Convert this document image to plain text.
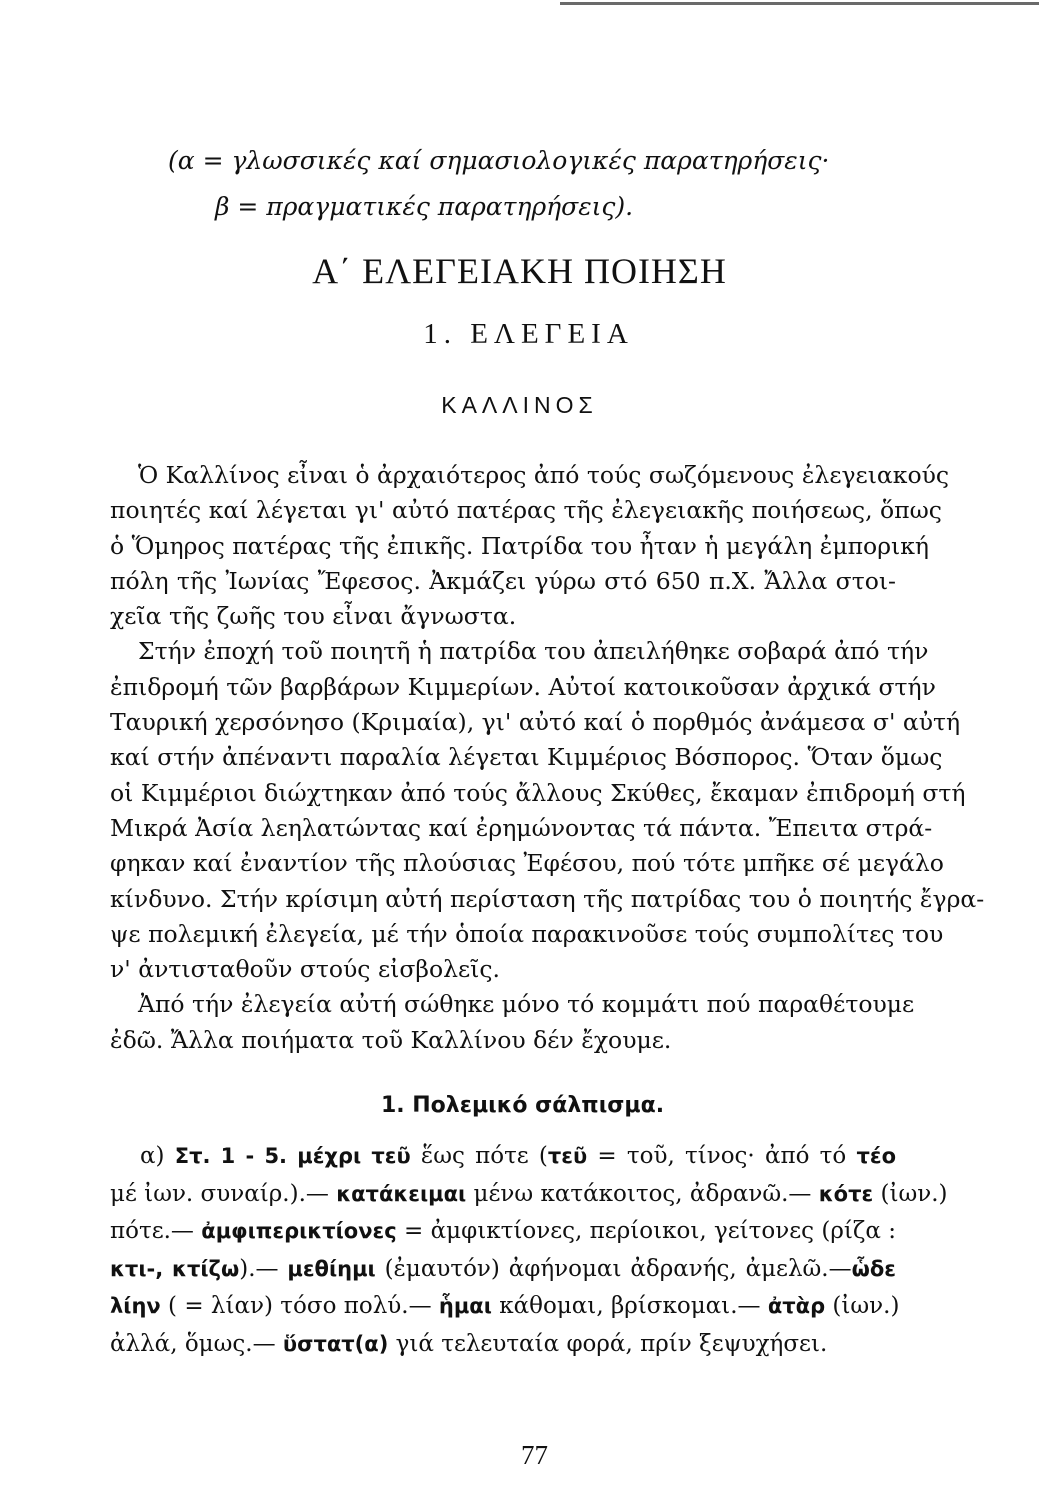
(α = γλωσσικές καί σημασιολογικές παρατηρήσεις·
β = πραγματικές παρατηρήσεις).
Α΄ ΕΛΕΓΕΙΑΚΗ ΠΟΙΗΣΗ
1. ΕΛΕΓΕΙΑ
ΚΑΛΛΙΝΟΣ
Ὁ Καλλίνος εἶναι ὁ ἀρχαιότερος ἀπό τούς σωζόμενους ἐλεγειακούς
ποιητές καί λέγεται γι' αὐτό πατέρας τῆς ἐλεγειακῆς ποιήσεως, ὅπως
ὁ Ὅμηρος πατέρας τῆς ἐπικῆς. Πατρίδα του ἦταν ἡ μεγάλη ἐμπορική
πόλη τῆς Ἰωνίας Ἔφεσος. Ἀκμάζει γύρω στό 650 π.Χ. Ἄλλα στοι-
χεῖα τῆς ζωῆς του εἶναι ἄγνωστα.
Στήν ἐποχή τοῦ ποιητῆ ἡ πατρίδα του ἀπειλήθηκε σοβαρά ἀπό τήν
ἐπιδρομή τῶν βαρβάρων Κιμμερίων. Αὐτοί κατοικοῦσαν ἀρχικά στήν
Ταυρική χερσόνησο (Κριμαία), γι' αὐτό καί ὁ πορθμός ἀνάμεσα σ' αὐτή
καί στήν ἀπέναντι παραλία λέγεται Κιμμέριος Βόσπορος. Ὅταν ὅμως
οἱ Κιμμέριοι διώχτηκαν ἀπό τούς ἄλλους Σκύθες, ἔκαμαν ἐπιδρομή στή
Μικρά Ἀσία λεηλατώντας καί ἐρημώνοντας τά πάντα. Ἔπειτα στρά-
φηκαν καί ἐναντίον τῆς πλούσιας Ἐφέσου, πού τότε μπῆκε σέ μεγάλο
κίνδυνο. Στήν κρίσιμη αὐτή περίσταση τῆς πατρίδας του ὁ ποιητής ἔγρα-
ψε πολεμική ἐλεγεία, μέ τήν ὁποία παρακινοῦσε τούς συμπολίτες του
ν' ἀντισταθοῦν στούς εἰσβολεῖς.
Ἀπό τήν ἐλεγεία αὐτή σώθηκε μόνο τό κομμάτι πού παραθέτουμε
ἐδῶ. Ἄλλα ποιήματα τοῦ Καλλίνου δέν ἔχουμε.
1. Πολεμικό σάλπισμα.
α) Στ. 1 - 5. μέχρι τεῦ ἕως πότε (τεῦ = τοῦ, τίνος· ἀπό τό τέο
μέ ἰων. συναίρ.).— κατάκειμαι μένω κατάκοιτος, ἀδρανῶ.— κότε (ἰων.)
πότε.— ἀμφιπερικτίονες = ἀμφικτίονες, περίοικοι, γείτονες (ρίζα :
κτι-, κτίζω).— μεθίημι (ἐμαυτόν) ἀφήνομαι ἀδρανής, ἀμελῶ.—ὧδε
λίην ( = λίαν) τόσο πολύ.— ἧμαι κάθομαι, βρίσκομαι.— ἀτὰρ (ἰων.)
ἀλλά, ὅμως.— ὕστατ(α) γιά τελευταία φορά, πρίν ξεψυχήσει.
77
